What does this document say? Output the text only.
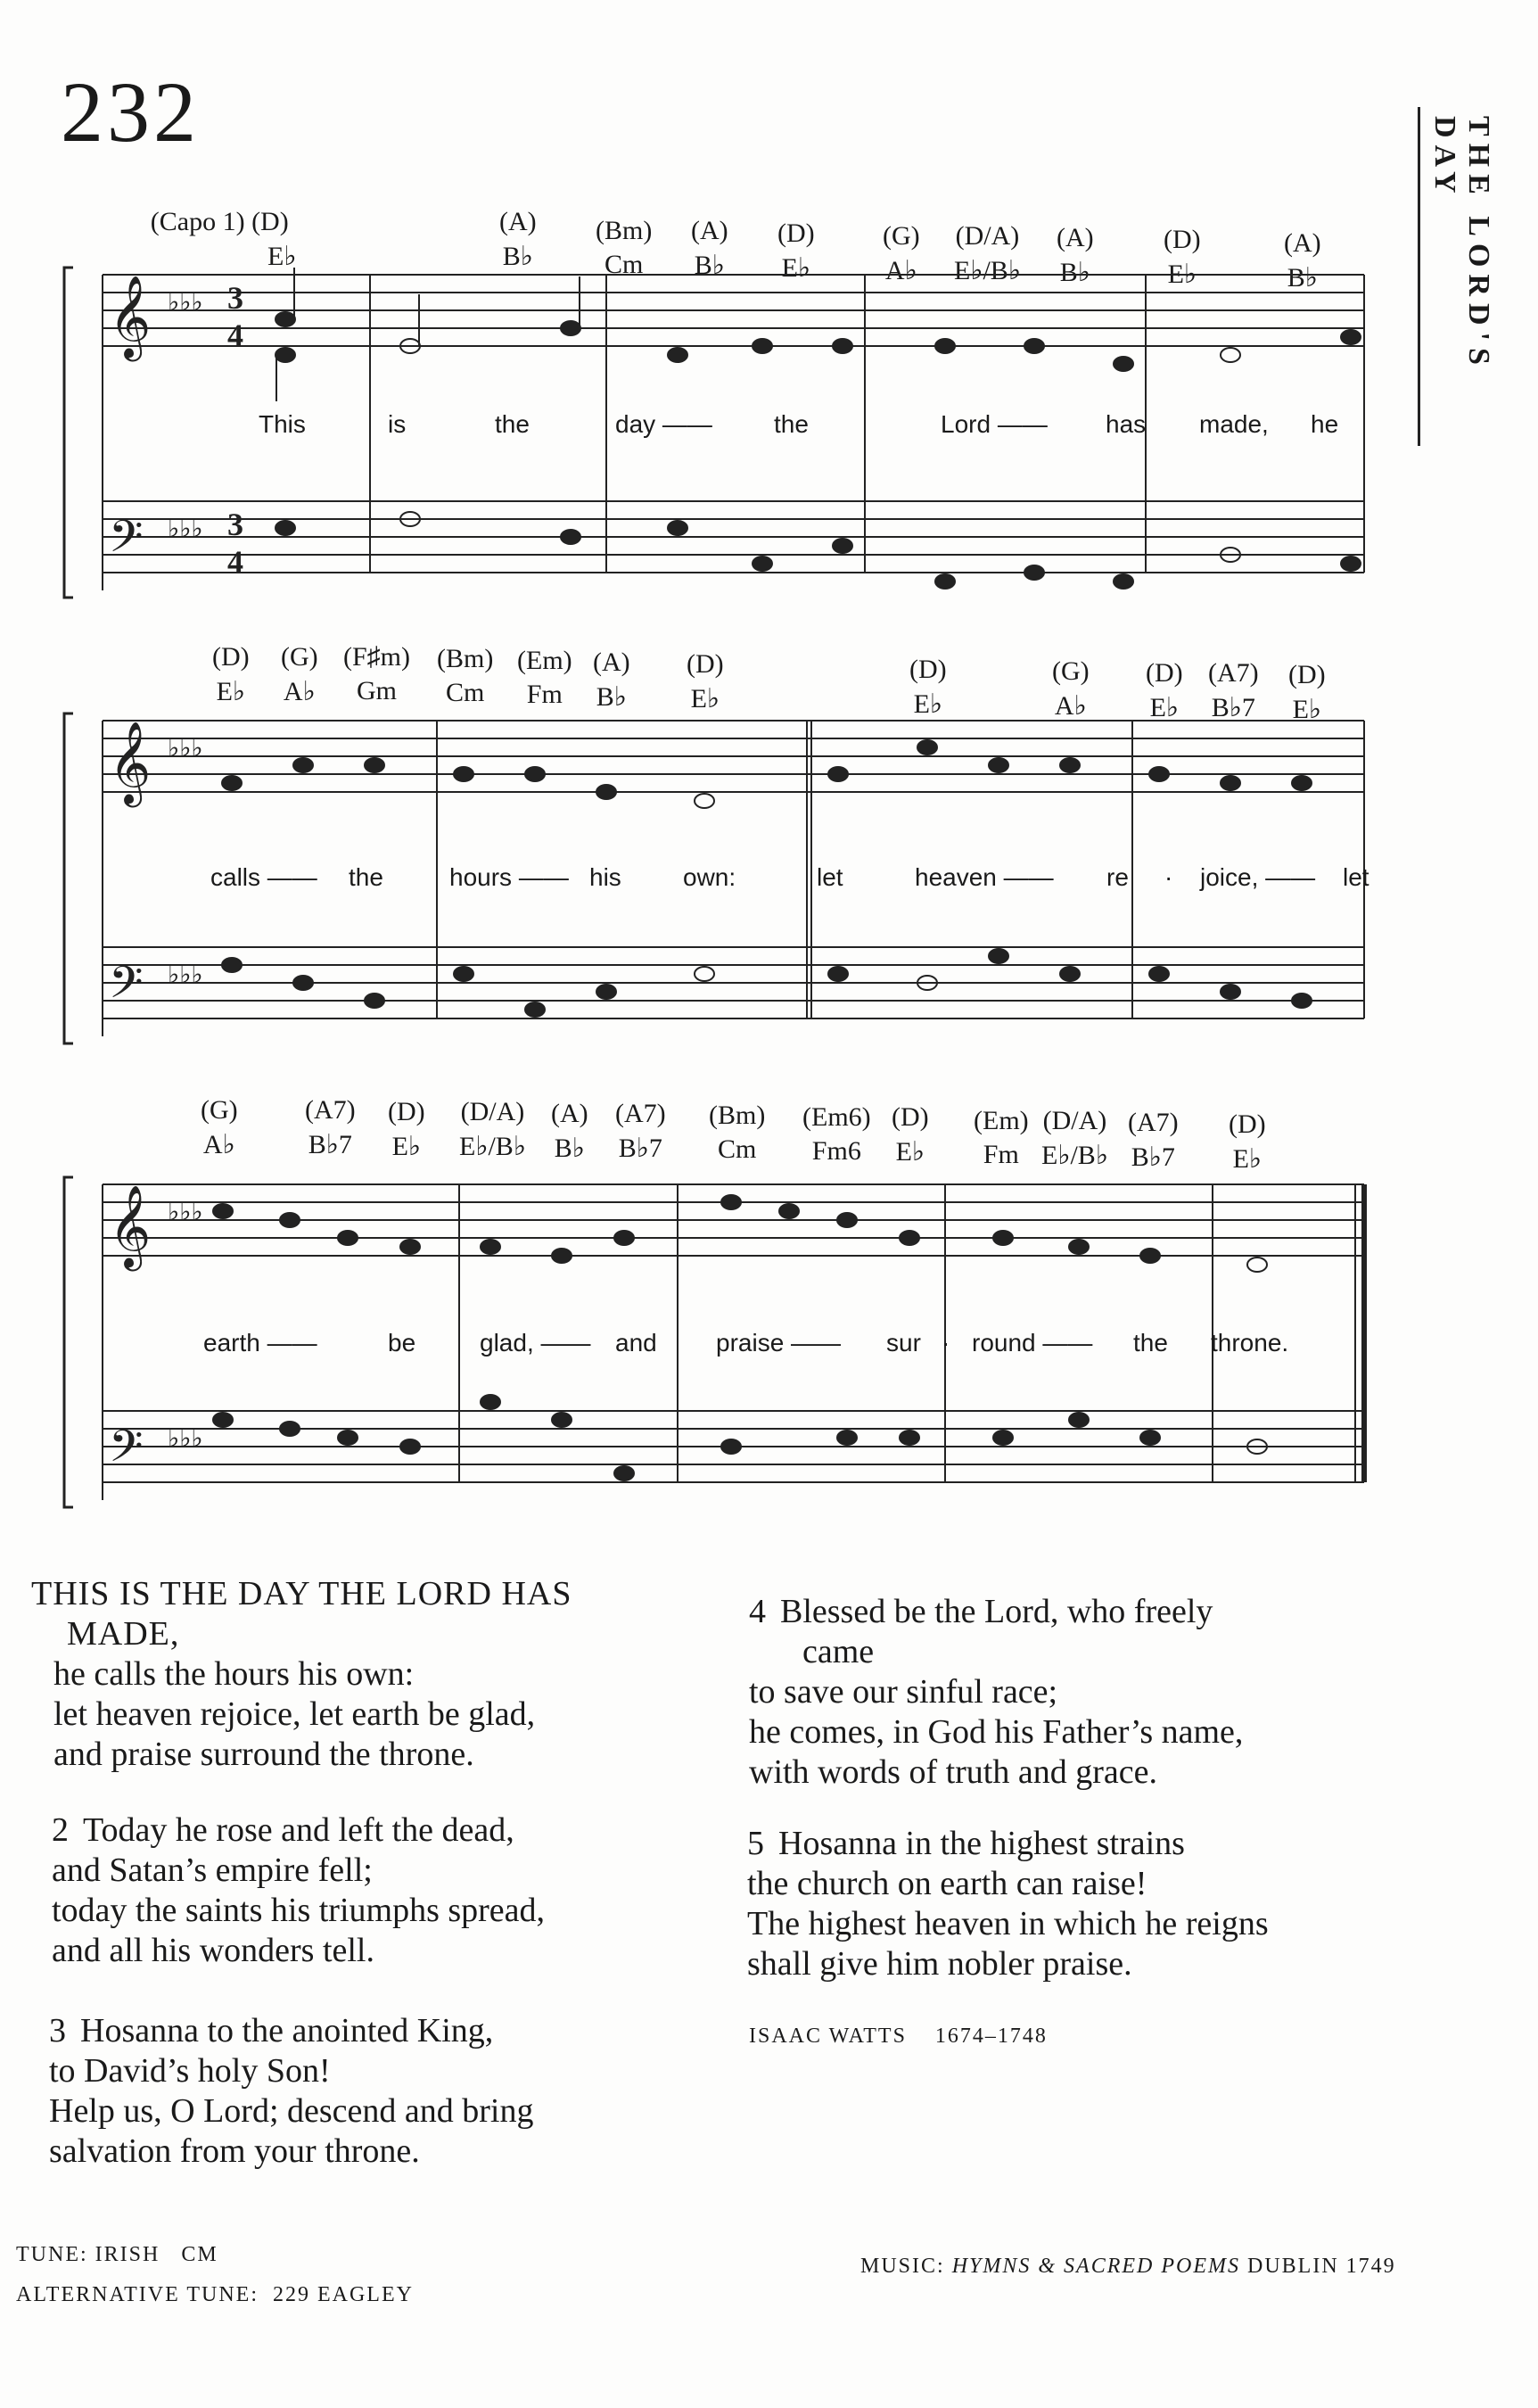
232
THE LORD'S DAY
(Capo 1) (D)
E♭
(A)
B♭
(Bm)
Cm
(A)
B♭
(D)
E♭
(G)
A♭
(D/A)
E♭/B♭
(A)
B♭
(D)
E♭
(A)
B♭
(D)
E♭
(G)
A♭
(F♯m)
Gm
(Bm)
Cm
(Em)
Fm
(A)
B♭
(D)
E♭
(D)
E♭
(G)
A♭
(D)
E♭
(A7)
B♭7
(D)
E♭
(G)
A♭
(A7)
B♭7
(D)
E♭
(D/A)
E♭/B♭
(A)
B♭
(A7)
B♭7
(Bm)
Cm
(Em6)
Fm6
(D)
E♭
(Em)
Fm
(D/A)
E♭/B♭
(A7)
B♭7
(D)
E♭
𝄞
𝄢
♭♭♭
♭♭♭
3
4
3
4
This	is	the	day —— the	Lord —— has made, he
𝄞
𝄢
♭♭♭
♭♭♭
calls —— the	hours —— his own:	let	heaven —— re · joice, —— let
𝄞
𝄢
♭♭♭
♭♭♭
earth ——	be	glad, —— and praise —— sur · round —— the throne.
THIS IS THE DAY THE LORD HAS
MADE,
he calls the hours his own:
let heaven rejoice, let earth be glad,
and praise surround the throne.
2 Today he rose and left the dead,
and Satan’s empire fell;
today the saints his triumphs spread,
and all his wonders tell.
3 Hosanna to the anointed King,
to David’s holy Son!
Help us, O Lord; descend and bring
salvation from your throne.
4 Blessed be the Lord, who freely
came
to save our sinful race;
he comes, in God his Father’s name,
with words of truth and grace.
5 Hosanna in the highest strains
the church on earth can raise!
The highest heaven in which he reigns
shall give him nobler praise.
ISAAC WATTS 1674–1748
TUNE: IRISH   CM
ALTERNATIVE TUNE:  229 EAGLEY
MUSIC: HYMNS & SACRED POEMS DUBLIN 1749
